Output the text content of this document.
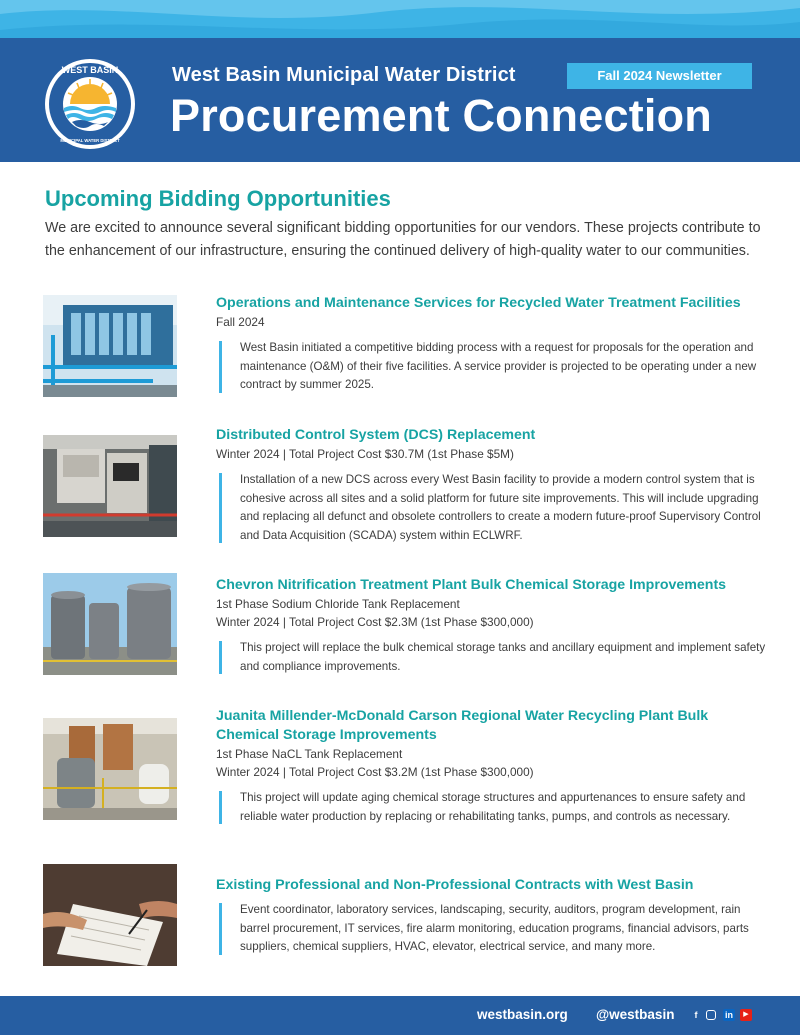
WEST BASIN
MUNICIPAL WATER DISTRICT
West Basin Municipal Water District	Fall 2024 Newsletter
Procurement Connection
Upcoming Bidding Opportunities
We are excited to announce several significant bidding opportunities for our vendors. These projects contribute to the enhancement of our infrastructure, ensuring the continued delivery of high-quality water to our communities.
Operations and Maintenance Services for Recycled Water Treatment Facilities
Fall 2024
West Basin initiated a competitive bidding process with a request for proposals for the operation and maintenance (O&M) of their five facilities. A service provider is projected to be operating under a new contract by summer 2025.
Distributed Control System (DCS) Replacement
Winter 2024 | Total Project Cost $30.7M (1st Phase $5M)
Installation of a new DCS across every West Basin facility to provide a modern control system that is cohesive across all sites and a solid platform for future site improvements. This will include upgrading and replacing all defunct and obsolete controllers to create a modern future-proof Supervisory Control and Data Acquisition (SCADA) system within ECLWRF.
Chevron Nitrification Treatment Plant Bulk Chemical Storage Improvements
1st Phase Sodium Chloride Tank Replacement
Winter 2024 | Total Project Cost $2.3M (1st Phase $300,000)
This project will replace the bulk chemical storage tanks and ancillary equipment and implement safety and compliance improvements.
Juanita Millender-McDonald Carson Regional Water Recycling Plant Bulk Chemical Storage Improvements
1st Phase NaCL Tank Replacement
Winter 2024 | Total Project Cost $3.2M (1st Phase $300,000)
This project will update aging chemical storage structures and appurtenances to ensure safety and reliable water production by replacing or rehabilitating tanks, pumps, and controls as necessary.
Existing Professional and Non-Professional Contracts with West Basin
Event coordinator, laboratory services, landscaping, security, auditors, program development, rain barrel procurement, IT services, fire alarm monitoring, education programs, financial advisors, parts suppliers, chemical suppliers, HVAC, elevator, electrical service, and many more.
westbasin.org @westbasin	f	in	▶
